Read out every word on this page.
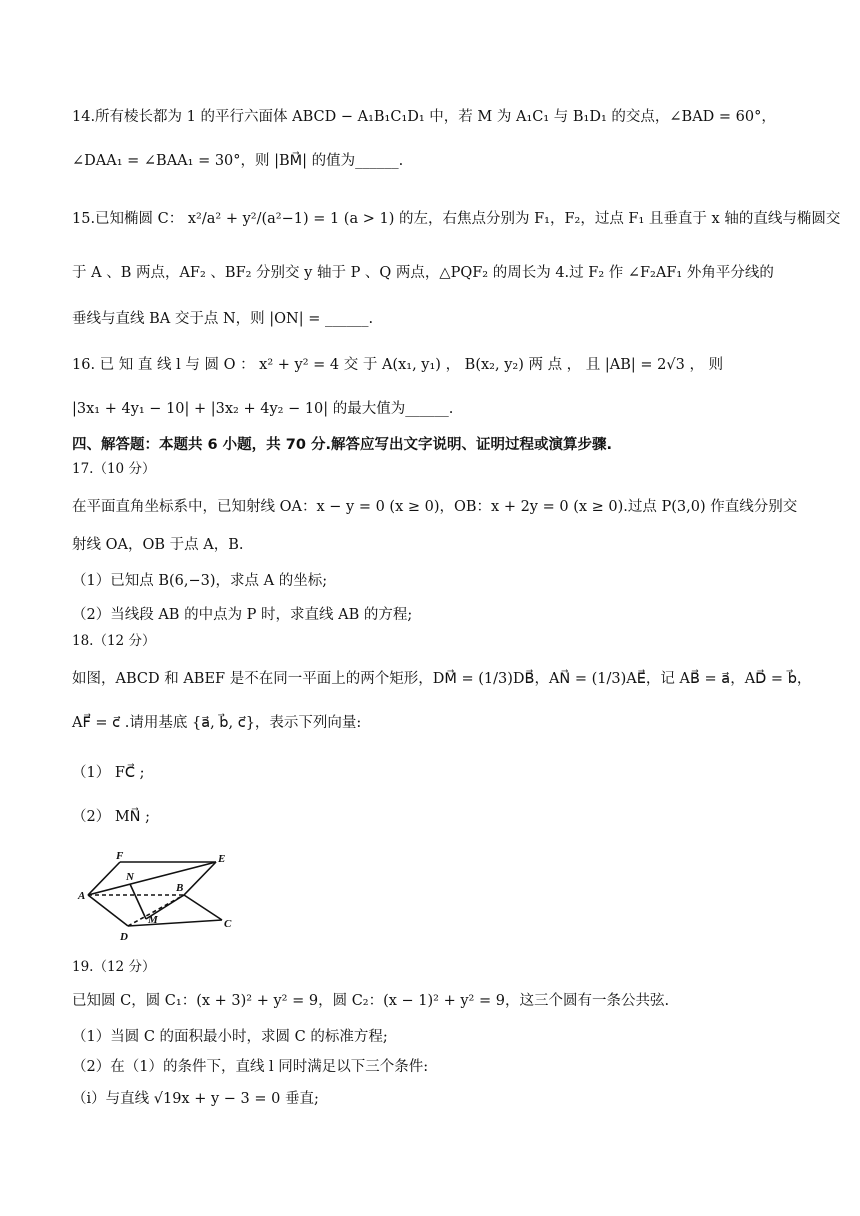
14.所有棱长都为 1 的平行六面体 ABCD − A₁B₁C₁D₁ 中，若 M 为 A₁C₁ 与 B₁D₁ 的交点，∠BAD = 60°，
∠DAA₁ = ∠BAA₁ = 30°，则 |BM⃗| 的值为______.
15.已知椭圆 C： x²/a² + y²/(a²−1) = 1 (a > 1) 的左，右焦点分别为 F₁，F₂，过点 F₁ 且垂直于 x 轴的直线与椭圆交
于 A 、B 两点，AF₂ 、BF₂ 分别交 y 轴于 P 、Q 两点，△PQF₂ 的周长为 4.过 F₂ 作 ∠F₂AF₁ 外角平分线的
垂线与直线 BA 交于点 N，则 |ON| = ______.
16. 已 知 直 线 l 与 圆 O ： x² + y² = 4 交 于 A(x₁, y₁) ， B(x₂, y₂) 两 点 ， 且 |AB| = 2√3 ， 则
|3x₁ + 4y₁ − 10| + |3x₂ + 4y₂ − 10| 的最大值为______.
四、解答题：本题共 6 小题，共 70 分.解答应写出文字说明、证明过程或演算步骤.
17.（10 分）
在平面直角坐标系中，已知射线 OA：x − y = 0 (x ≥ 0)，OB：x + 2y = 0 (x ≥ 0).过点 P(3,0) 作直线分别交
射线 OA，OB 于点 A，B.
（1）已知点 B(6,−3)，求点 A 的坐标;
（2）当线段 AB 的中点为 P 时，求直线 AB 的方程;
18.（12 分）
如图，ABCD 和 ABEF 是不在同一平面上的两个矩形，DM⃗ = (1/3)DB⃗，AN⃗ = (1/3)AE⃗，记 AB⃗ = a⃗，AD⃗ = b⃗，
AF⃗ = c⃗ .请用基底 {a⃗, b⃗, c⃗}，表示下列向量:
（1） FC⃗ ;
（2） MN⃗ ;
F	E
A
N
B
M
D
C
19.（12 分）
已知圆 C，圆 C₁：(x + 3)² + y² = 9，圆 C₂：(x − 1)² + y² = 9，这三个圆有一条公共弦.
（1）当圆 C 的面积最小时，求圆 C 的标准方程;
（2）在（1）的条件下，直线 l 同时满足以下三个条件:
（i）与直线 √19x + y − 3 = 0 垂直;
